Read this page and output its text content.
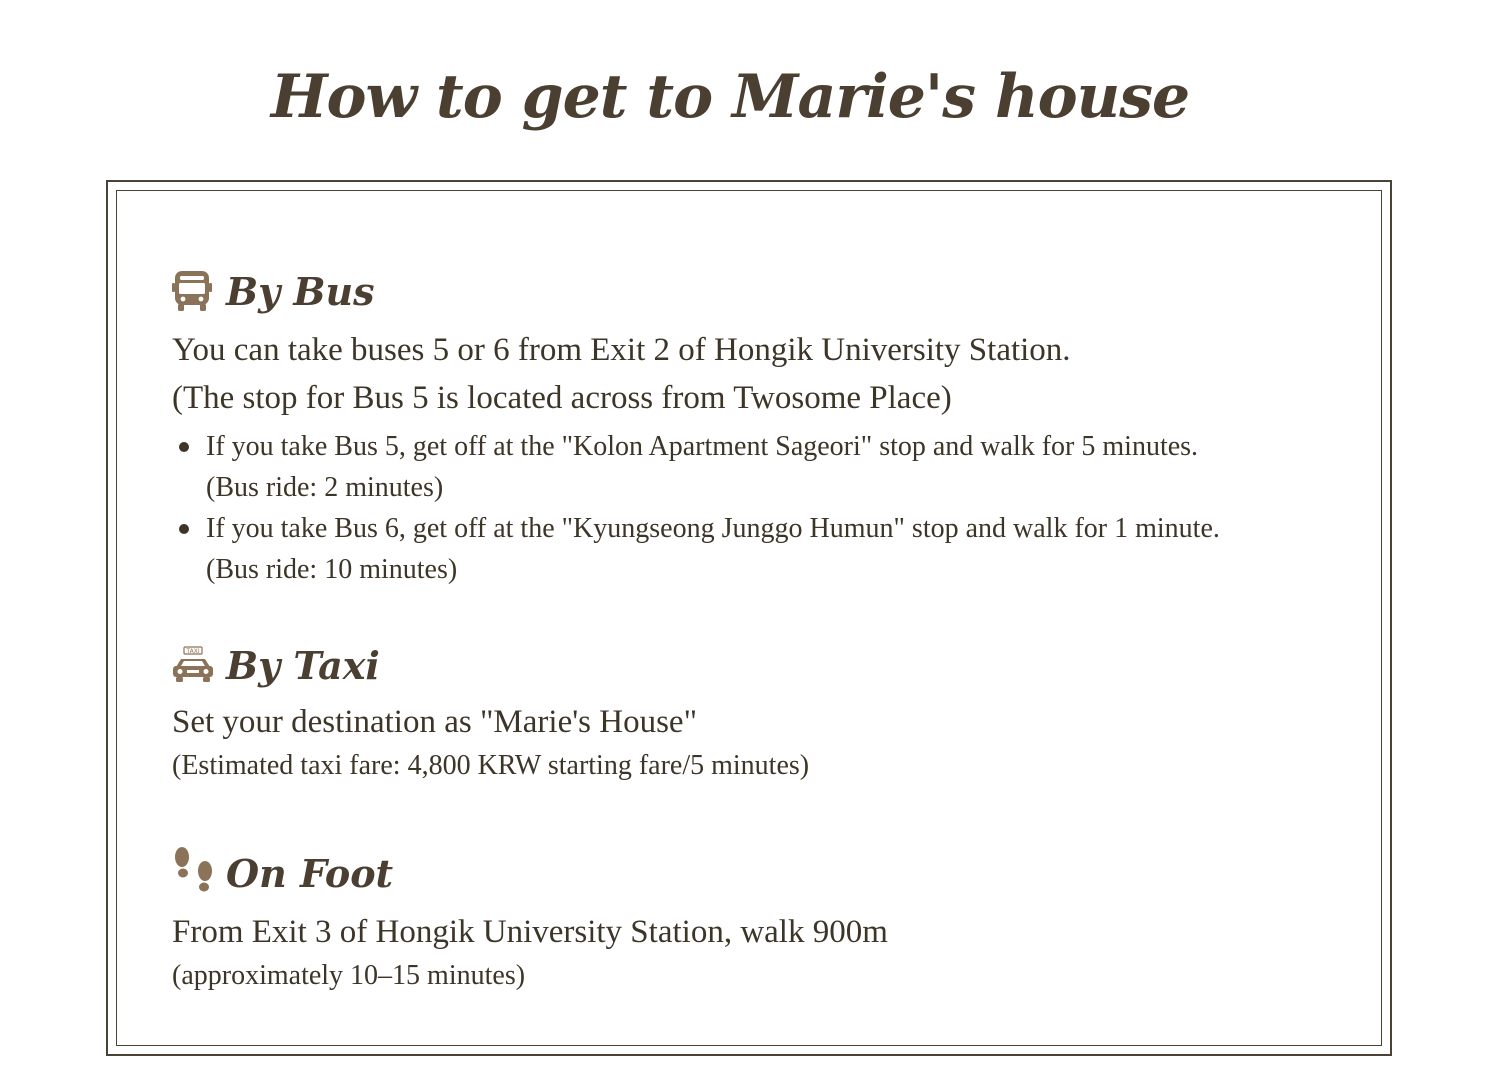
How to get to Marie's house
By Bus

You can take buses 5 or 6 from Exit 2 of Hongik University Station.

(The stop for Bus 5 is located across from Twosome Place)

If you take Bus 5, get off at the "Kolon Apartment Sageori" stop and walk for 5 minutes.
(Bus ride: 2 minutes)
If you take Bus 6, get off at the "Kyungseong Junggo Humun" stop and walk for 1 minute.
(Bus ride: 10 minutes)
TAXI By Taxi

Set your destination as "Marie's House"

(Estimated taxi fare: 4,800 KRW starting fare/5 minutes)

On Foot

From Exit 3 of Hongik University Station, walk 900m

(approximately 10–15 minutes)
